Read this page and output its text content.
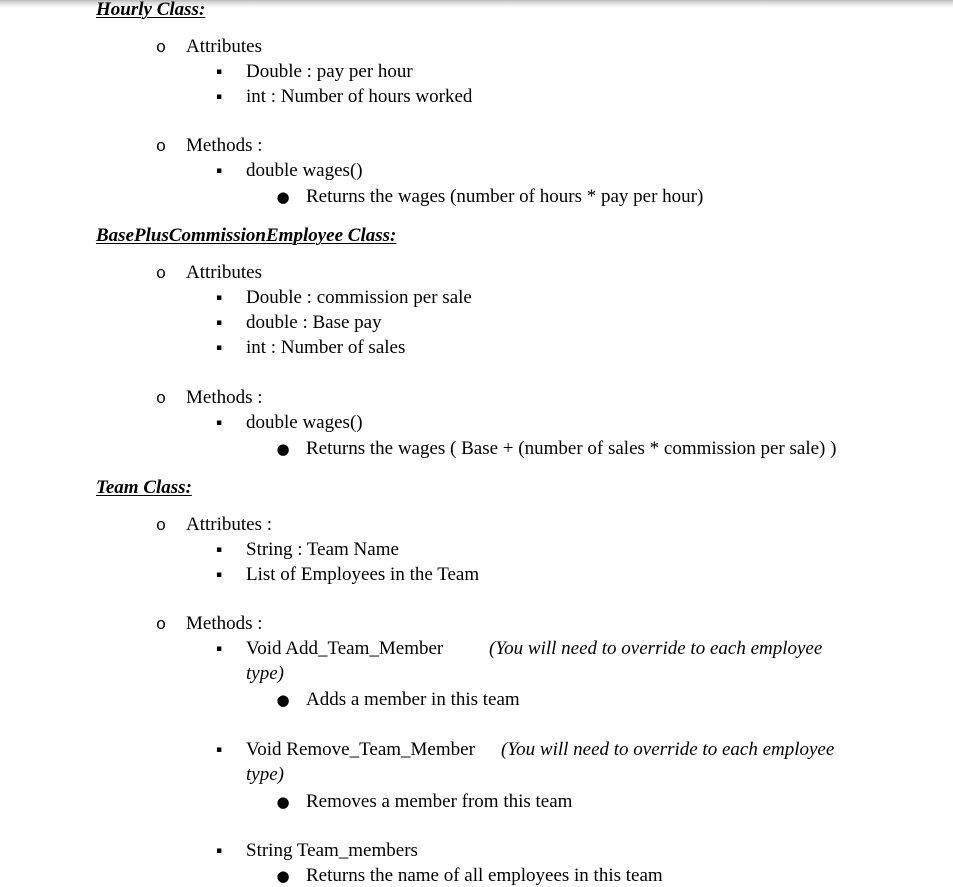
Hourly Class:
o Attributes
▪ Double : pay per hour
▪ int : Number of hours worked
o Methods :
▪ double wages()
● Returns the wages (number of hours * pay per hour)
BasePlusCommissionEmployee Class:
o Attributes
▪ Double : commission per sale
▪ double : Base pay
▪ int : Number of sales
o Methods :
▪ double wages()
● Returns the wages ( Base + (number of sales * commission per sale) )
Team Class:
o Attributes :
▪ String : Team Name
▪ List of Employees in the Team
o Methods :
▪ Void Add_Team_Member (You will need to override to each employee
type)
● Adds a member in this team
▪ Void Remove_Team_Member (You will need to override to each employee
type)
● Removes a member from this team
▪ String Team_members
● Returns the name of all employees in this team
